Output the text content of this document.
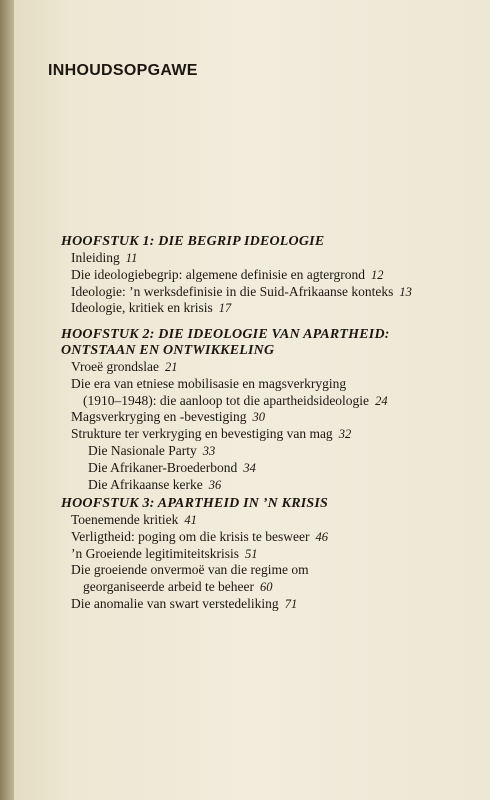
INHOUDSOPGAWE
HOOFSTUK 1: DIE BEGRIP IDEOLOGIE
Inleiding 11
Die ideologiebegrip: algemene definisie en agtergrond 12
Ideologie: ’n werksdefinisie in die Suid-Afrikaanse konteks 13
Ideologie, kritiek en krisis 17
HOOFSTUK 2: DIE IDEOLOGIE VAN APARTHEID:
ONTSTAAN EN ONTWIKKELING
Vroeë grondslae 21
Die era van etniese mobilisasie en magsverkryging
(1910–1948): die aanloop tot die apartheidsideologie 24
Magsverkryging en -bevestiging 30
Strukture ter verkryging en bevestiging van mag 32
Die Nasionale Party 33
Die Afrikaner-Broederbond 34
Die Afrikaanse kerke 36
HOOFSTUK 3: APARTHEID IN ’N KRISIS
Toenemende kritiek 41
Verligtheid: poging om die krisis te besweer 46
’n Groeiende legitimiteitskrisis 51
Die groeiende onvermoë van die regime om
georganiseerde arbeid te beheer 60
Die anomalie van swart verstedeliking 71
